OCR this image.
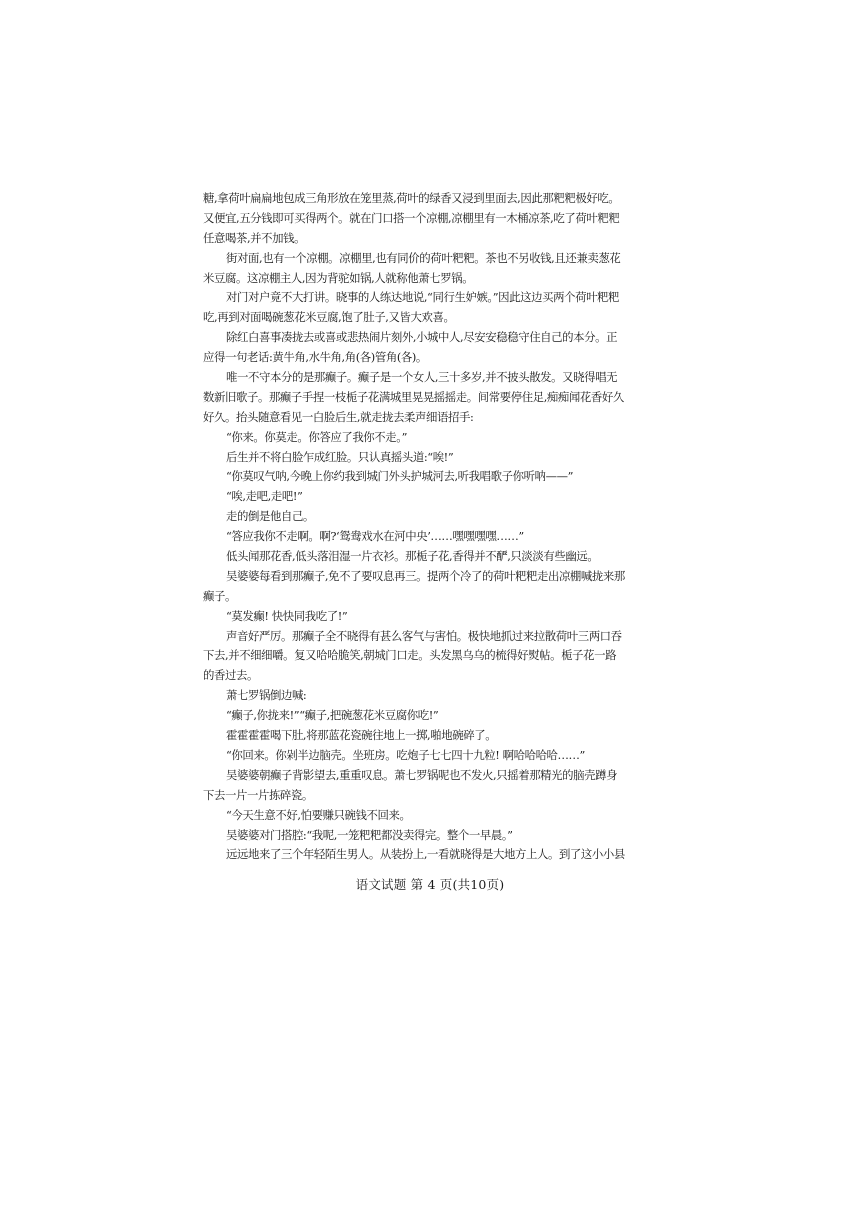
糖,拿荷叶扁扁地包成三角形放在笼里蒸,荷叶的绿香又浸到里面去,因此那粑粑极好吃。
又便宜,五分钱即可买得两个。就在门口搭一个凉棚,凉棚里有一木桶凉茶,吃了荷叶粑粑
任意喝茶,并不加钱。
街对面,也有一个凉棚。凉棚里,也有同价的荷叶粑粑。茶也不另收钱,且还兼卖葱花
米豆腐。这凉棚主人,因为背驼如锅,人就称他萧七罗锅。
对门对户竟不大打讲。晓事的人练达地说,“同行生妒嫉。”因此这边买两个荷叶粑粑
吃,再到对面喝碗葱花米豆腐,饱了肚子,又皆大欢喜。
除红白喜事凑拢去或喜或悲热闹片刻外,小城中人,尽安安稳稳守住自己的本分。正
应得一句老话:黄牛角,水牛角,角(各)管角(各)。
唯一不守本分的是那癫子。癫子是一个女人,三十多岁,并不披头散发。又晓得唱无
数新旧歌子。那癫子手捏一枝栀子花满城里晃晃摇摇走。间常要停住足,痴痴闻花香好久
好久。抬头随意看见一白脸后生,就走拢去柔声细语招手:
“你来。你莫走。你答应了我你不走。”
后生并不将白脸乍成红脸。只认真摇头道:“唉!”
“你莫叹气呐,今晚上你约我到城门外头护城河去,听我唱歌子你听呐——”
“唉,走吧,走吧!”
走的倒是他自己。
“答应我你不走啊。啊?‘鸳鸯戏水在河中央’……嘿嘿嘿嘿……”
低头闻那花香,低头落泪湿一片衣衫。那栀子花,香得并不酽,只淡淡有些幽远。
吴婆婆每看到那癫子,免不了要叹息再三。提两个冷了的荷叶粑粑走出凉棚喊拢来那
癫子。
“莫发癫! 快快同我吃了!”
声音好严厉。那癫子全不晓得有甚么客气与害怕。极快地抓过来拉散荷叶三两口吞
下去,并不细细嚼。复又哈哈脆笑,朝城门口走。头发黑乌乌的梳得好熨帖。栀子花一路
的香过去。
萧七罗锅倒边喊:
“癫子,你拢来!”“癫子,把碗葱花米豆腐你吃!”
霍霍霍霍喝下肚,将那蓝花瓷碗往地上一掷,啪地碗碎了。
“你回来。你剁半边脑壳。坐班房。吃炮子七七四十九粒! 啊哈哈哈哈……”
吴婆婆朝癫子背影望去,重重叹息。萧七罗锅呢也不发火,只摇着那精光的脑壳蹲身
下去一片一片拣碎瓷。
“今天生意不好,怕要赚只碗钱不回来。
吴婆婆对门搭腔:“我呢,一笼粑粑都没卖得完。整个一早晨。”
远远地来了三个年轻陌生男人。从装扮上,一看就晓得是大地方上人。到了这小小县
语文试题 第 4 页(共10页)
